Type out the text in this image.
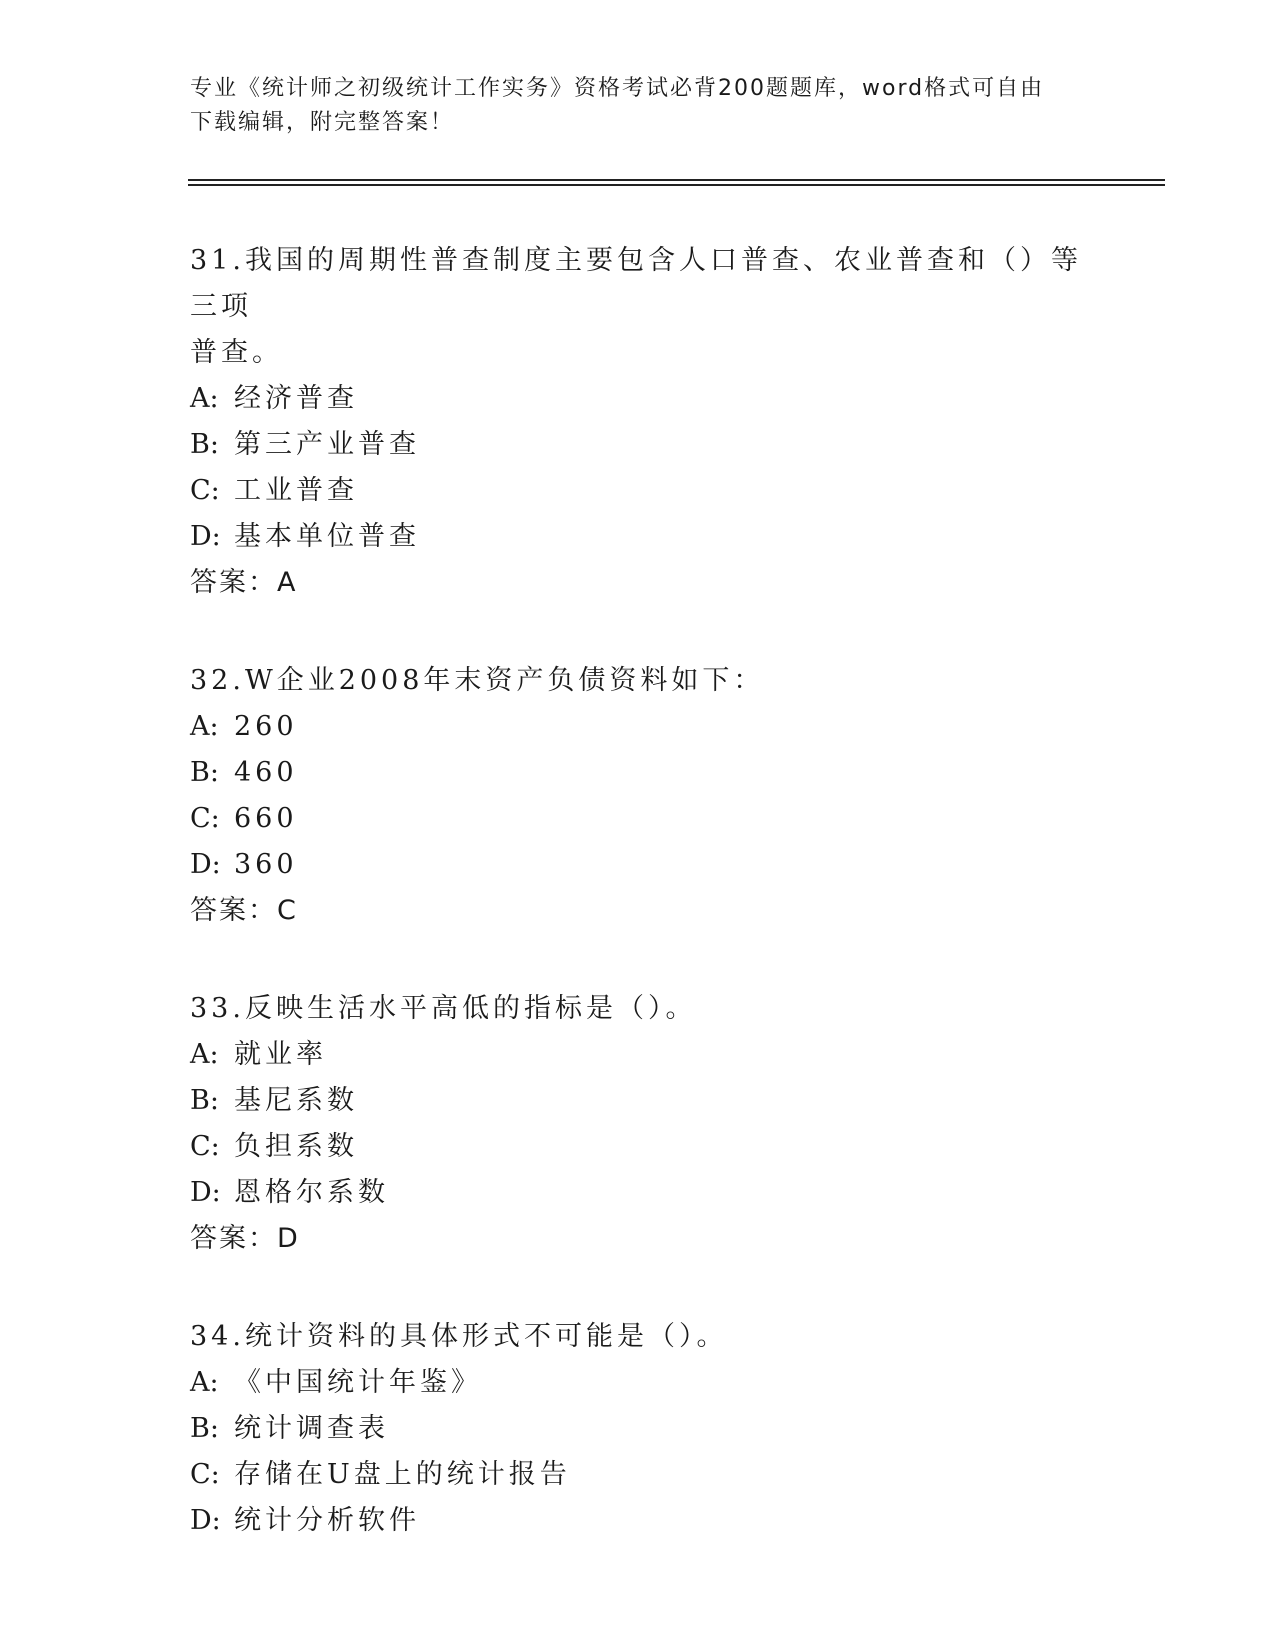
专业《统计师之初级统计工作实务》资格考试必背200题题库，word格式可自由
下载编辑，附完整答案！

31.我国的周期性普查制度主要包含人口普查、农业普查和（）等三项
普查。

A: 经济普查

B: 第三产业普查

C: 工业普查

D: 基本单位普查

答案：A

32.W企业2008年末资产负债资料如下：

A: 260

B: 460

C: 660

D: 360

答案：C

33.反映生活水平高低的指标是（）。

A: 就业率

B: 基尼系数

C: 负担系数

D: 恩格尔系数

答案：D

34.统计资料的具体形式不可能是（）。

A: 《中国统计年鉴》

B: 统计调查表

C: 存储在U盘上的统计报告

D: 统计分析软件
